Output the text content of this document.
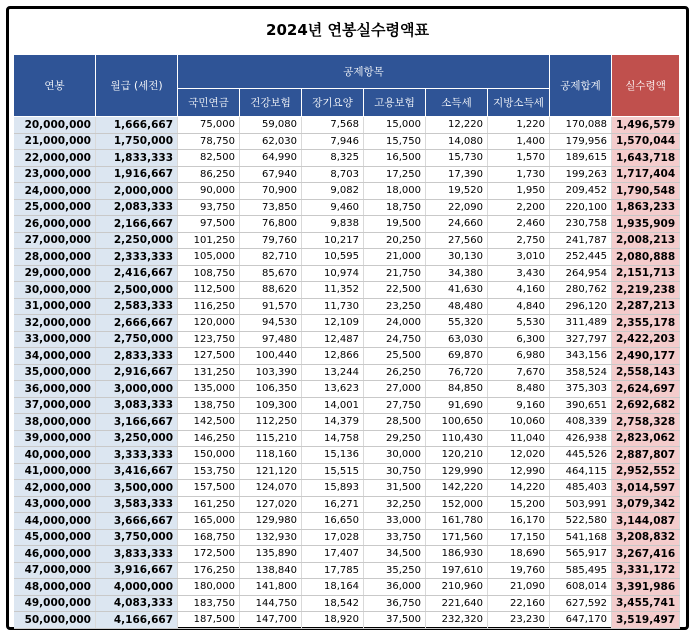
2024년 연봉실수령액표
연봉	월급 (세전)	공제항목						공제합계	실수령액
		국민연금	건강보험	장기요양	고용보험	소득세	지방소득세		
20,000,000	1,666,667	75,000	59,080	7,568	15,000	12,220	1,220	170,088	1,496,579
21,000,000	1,750,000	78,750	62,030	7,946	15,750	14,080	1,400	179,956	1,570,044
22,000,000	1,833,333	82,500	64,990	8,325	16,500	15,730	1,570	189,615	1,643,718
23,000,000	1,916,667	86,250	67,940	8,703	17,250	17,390	1,730	199,263	1,717,404
24,000,000	2,000,000	90,000	70,900	9,082	18,000	19,520	1,950	209,452	1,790,548
25,000,000	2,083,333	93,750	73,850	9,460	18,750	22,090	2,200	220,100	1,863,233
26,000,000	2,166,667	97,500	76,800	9,838	19,500	24,660	2,460	230,758	1,935,909
27,000,000	2,250,000	101,250	79,760	10,217	20,250	27,560	2,750	241,787	2,008,213
28,000,000	2,333,333	105,000	82,710	10,595	21,000	30,130	3,010	252,445	2,080,888
29,000,000	2,416,667	108,750	85,670	10,974	21,750	34,380	3,430	264,954	2,151,713
30,000,000	2,500,000	112,500	88,620	11,352	22,500	41,630	4,160	280,762	2,219,238
31,000,000	2,583,333	116,250	91,570	11,730	23,250	48,480	4,840	296,120	2,287,213
32,000,000	2,666,667	120,000	94,530	12,109	24,000	55,320	5,530	311,489	2,355,178
33,000,000	2,750,000	123,750	97,480	12,487	24,750	63,030	6,300	327,797	2,422,203
34,000,000	2,833,333	127,500	100,440	12,866	25,500	69,870	6,980	343,156	2,490,177
35,000,000	2,916,667	131,250	103,390	13,244	26,250	76,720	7,670	358,524	2,558,143
36,000,000	3,000,000	135,000	106,350	13,623	27,000	84,850	8,480	375,303	2,624,697
37,000,000	3,083,333	138,750	109,300	14,001	27,750	91,690	9,160	390,651	2,692,682
38,000,000	3,166,667	142,500	112,250	14,379	28,500	100,650	10,060	408,339	2,758,328
39,000,000	3,250,000	146,250	115,210	14,758	29,250	110,430	11,040	426,938	2,823,062
40,000,000	3,333,333	150,000	118,160	15,136	30,000	120,210	12,020	445,526	2,887,807
41,000,000	3,416,667	153,750	121,120	15,515	30,750	129,990	12,990	464,115	2,952,552
42,000,000	3,500,000	157,500	124,070	15,893	31,500	142,220	14,220	485,403	3,014,597
43,000,000	3,583,333	161,250	127,020	16,271	32,250	152,000	15,200	503,991	3,079,342
44,000,000	3,666,667	165,000	129,980	16,650	33,000	161,780	16,170	522,580	3,144,087
45,000,000	3,750,000	168,750	132,930	17,028	33,750	171,560	17,150	541,168	3,208,832
46,000,000	3,833,333	172,500	135,890	17,407	34,500	186,930	18,690	565,917	3,267,416
47,000,000	3,916,667	176,250	138,840	17,785	35,250	197,610	19,760	585,495	3,331,172
48,000,000	4,000,000	180,000	141,800	18,164	36,000	210,960	21,090	608,014	3,391,986
49,000,000	4,083,333	183,750	144,750	18,542	36,750	221,640	22,160	627,592	3,455,741
50,000,000	4,166,667	187,500	147,700	18,920	37,500	232,320	23,230	647,170	3,519,497
